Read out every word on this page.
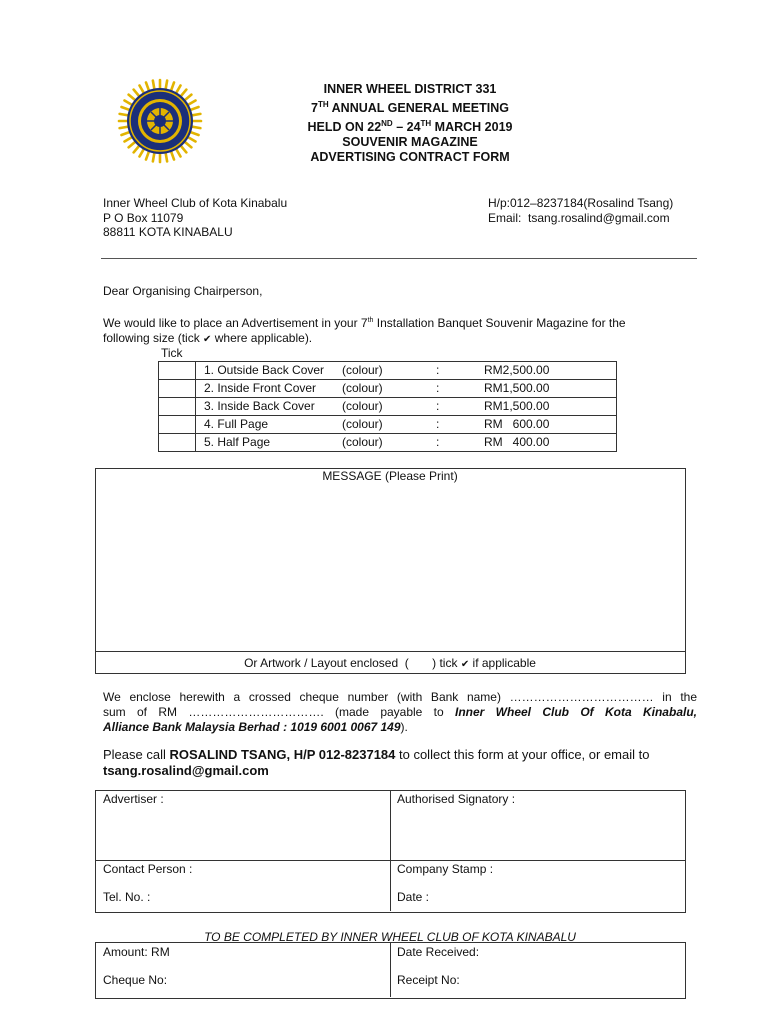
INNER WHEEL DISTRICT 331
7TH ANNUAL GENERAL MEETING
HELD ON 22ND – 24TH MARCH 2019
SOUVENIR MAGAZINE
ADVERTISING CONTRACT FORM
Inner Wheel Club of Kota Kinabalu
P O Box 11079
88811 KOTA KINABALU
H/p:012–8237184(Rosalind Tsang)
Email: tsang.rosalind@gmail.com
Dear Organising Chairperson,
We would like to place an Advertisement in your 7th Installation Banquet Souvenir Magazine for the
following size (tick ✔ where applicable).
Tick

	1. Outside Back Cover (colour) : RM2,500.00

	2. Inside Front Cover (colour) : RM1,500.00

	3. Inside Back Cover (colour) : RM1,500.00

	4. Full Page (colour) : RM   600.00

	5. Half Page (colour) : RM   400.00
MESSAGE (Please Print)
Or Artwork / Layout enclosed  (       ) tick ✔ if applicable
We enclose herewith a crossed cheque number (with Bank name) ……………………………… in the
sum of RM ……………………………. (made payable to Inner Wheel Club Of Kota Kinabalu,
Alliance Bank Malaysia Berhad : 1019 6001 0067 149).
Please call ROSALIND TSANG, H/P 012-8237184 to collect this form at your office, or email to
tsang.rosalind@gmail.com
Advertiser :	Authorised Signatory :
Contact Person :	Company Stamp :
Tel. No. :	Date :
TO BE COMPLETED BY INNER WHEEL CLUB OF KOTA KINABALU
Amount: RM	Date Received:
Cheque No:	Receipt No:
